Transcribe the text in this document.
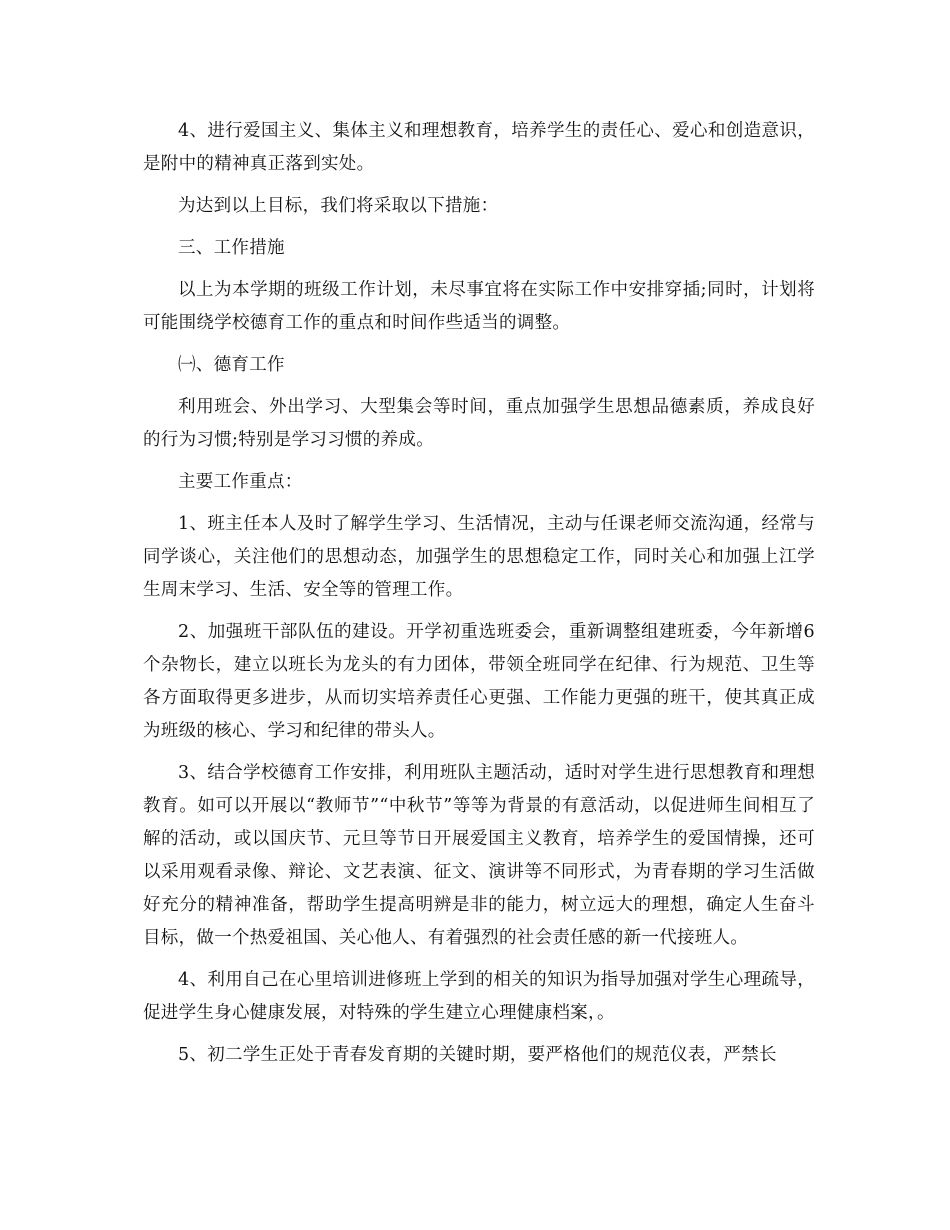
4、进行爱国主义、集体主义和理想教育，培养学生的责任心、爱心和创造意识，是附中的精神真正落到实处。

为达到以上目标，我们将采取以下措施：

三、工作措施

以上为本学期的班级工作计划，未尽事宜将在实际工作中安排穿插;同时，计划将可能围绕学校德育工作的重点和时间作些适当的调整。

㈠、德育工作

利用班会、外出学习、大型集会等时间，重点加强学生思想品德素质，养成良好的行为习惯;特别是学习习惯的养成。

主要工作重点：

1、班主任本人及时了解学生学习、生活情况，主动与任课老师交流沟通，经常与同学谈心，关注他们的思想动态，加强学生的思想稳定工作，同时关心和加强上江学生周末学习、生活、安全等的管理工作。

2、加强班干部队伍的建设。开学初重选班委会，重新调整组建班委，今年新增6个杂物长，建立以班长为龙头的有力团体，带领全班同学在纪律、行为规范、卫生等各方面取得更多进步，从而切实培养责任心更强、工作能力更强的班干，使其真正成为班级的核心、学习和纪律的带头人。

3、结合学校德育工作安排，利用班队主题活动，适时对学生进行思想教育和理想教育。如可以开展以“教师节”“中秋节”等等为背景的有意活动，以促进师生间相互了解的活动，或以国庆节、元旦等节日开展爱国主义教育，培养学生的爱国情操，还可以采用观看录像、辩论、文艺表演、征文、演讲等不同形式，为青春期的学习生活做好充分的精神准备，帮助学生提高明辨是非的能力，树立远大的理想，确定人生奋斗目标，做一个热爱祖国、关心他人、有着强烈的社会责任感的新一代接班人。

4、利用自己在心里培训进修班上学到的相关的知识为指导加强对学生心理疏导，促进学生身心健康发展，对特殊的学生建立心理健康档案，。

5、初二学生正处于青春发育期的关键时期，要严格他们的规范仪表，严禁长
